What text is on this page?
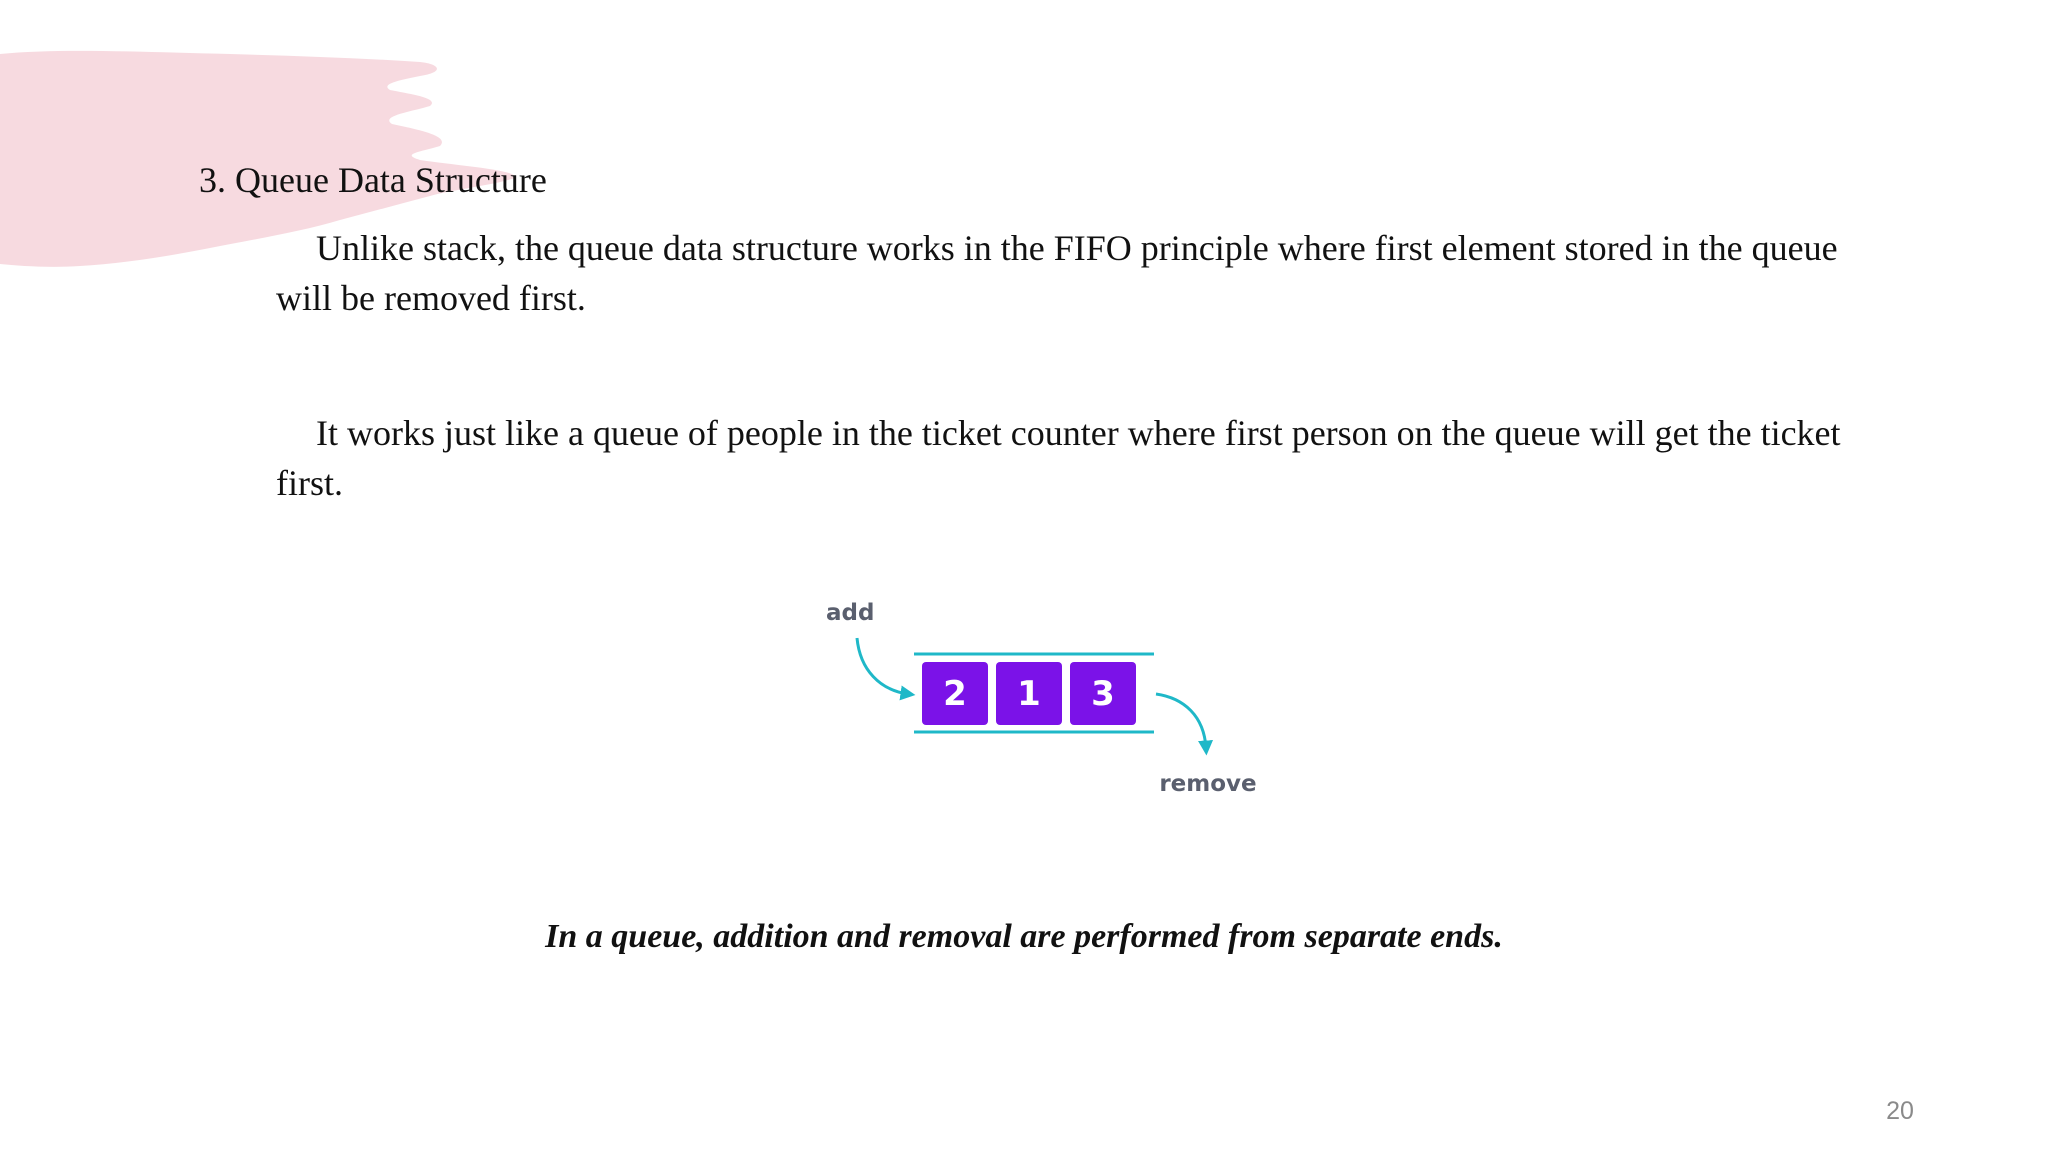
3. Queue Data Structure

Unlike stack, the queue data structure works in the FIFO principle where first element stored in the queue will be removed first.

It works just like a queue of people in the ticket counter where first person on the queue will get the ticket first.

add
2 1 3
remove
In a queue, addition and removal are performed from separate ends.
20
